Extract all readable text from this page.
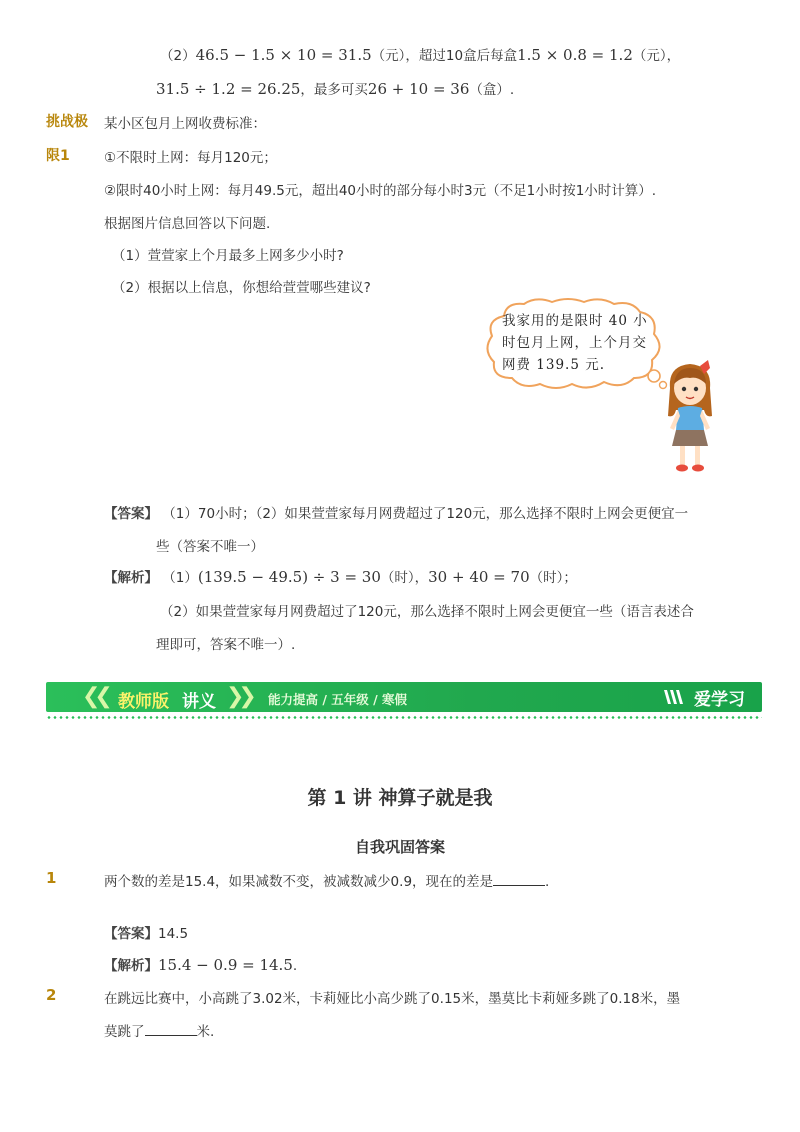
（2）46.5 − 1.5 × 10 = 31.5（元），超过10盒后每盒1.5 × 0.8 = 1.2（元），
31.5 ÷ 1.2 = 26.25，最多可买26 + 10 = 36（盒）.
挑战极
限1
某小区包月上网收费标准：
①不限时上网：每月120元；
②限时40小时上网：每月49.5元，超出40小时的部分每小时3元（不足1小时按1小时计算）.
根据图片信息回答以下问题.
（1）萱萱家上个月最多上网多少小时?
（2）根据以上信息，你想给萱萱哪些建议?
我家用的是限时 40 小时包月上网，上个月交网费 139.5 元.
【答案】 （1）70小时；（2）如果萱萱家每月网费超过了120元，那么选择不限时上网会更便宜一
些（答案不唯一）
【解析】 （1）(139.5 − 49.5) ÷ 3 = 30（时），30 + 40 = 70（时）；
（2）如果萱萱家每月网费超过了120元，那么选择不限时上网会更便宜一些（语言表述合
理即可，答案不唯一）.
❮❮ 教师版 讲义 ❯❯ 能力提高 / 五年级 / 寒假	爱学习
第 1 讲 神算子就是我
自我巩固答案
1	两个数的差是15.4，如果减数不变，被减数减少0.9，现在的差是	.
【答案】14.5
【解析】15.4 − 0.9 = 14.5.
2	在跳远比赛中，小高跳了3.02米，卡莉娅比小高少跳了0.15米，墨莫比卡莉娅多跳了0.18米，墨
莫跳了	米.
